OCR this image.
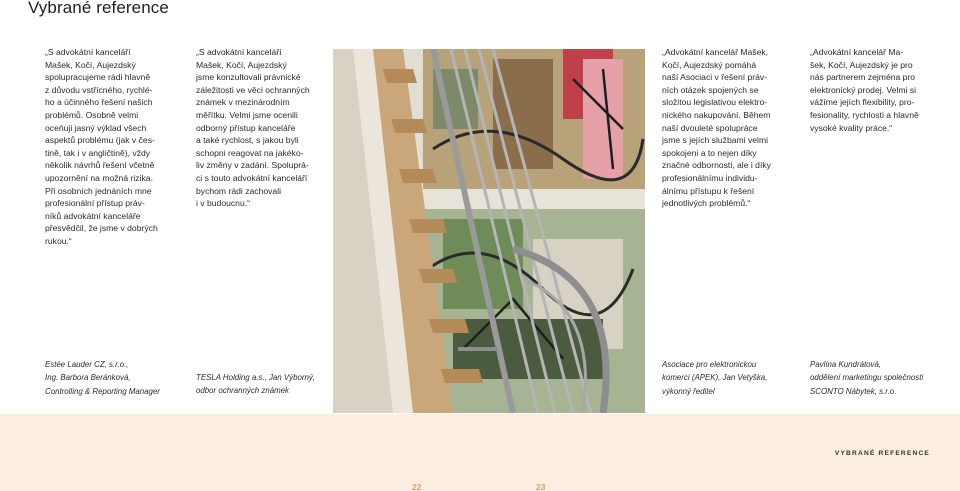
Vybrané reference
„S advokátní kanceláří
Mašek, Kočí, Aujezdský
spolupracujeme rádi hlavně
z důvodu vstřícného, rychlé-
ho a účinného řešení našich
problémů. Osobně velmi
oceňuji jasný výklad všech
aspektů problému (jak v čes-
tině, tak i v angličtině), vždy
několik návrhů řešení včetně
upozornění na možná rizika.
Při osobních jednáních mne
profesionální přístup práv-
níků advokátní kanceláře
přesvědčil, že jsme v dobrých
rukou.“
Estée Lauder CZ, s.r.o.,
Ing. Barbora Beránková,
Controlling & Reporting Manager
„S advokátní kanceláří
Mašek, Kočí, Aujezdský
jsme konzultovali právnické
záležitosti ve věci ochranných
známek v mezinárodním
měřítku. Velmi jsme ocenili
odborný přístup kanceláře
a také rychlost, s jakou byli
schopni reagovat na jakéko-
liv změny v zadání. Spoluprá-
ci s touto advokátní kanceláří
bychom rádi zachovali
i v budoucnu.“
TESLA Holding a.s., Jan Výborný,
odbor ochranných známek
„Advokátní kancelář Mašek,
Kočí, Aujezdský pomáhá
naší Asociaci v řešení práv-
ních otázek spojených se
složitou legislativou elektro-
nického nakupování. Během
naší dvouleté spolupráce
jsme s jejích službami velmi
spokojeni a to nejen díky
značné odbornosti, ale i díky
profesionálnímu individu-
álnímu přístupu k řešení
jednotlivých problémů.“
Asociace pro elektronickou
komerci (APEK), Jan Vetyška,
výkonný ředitel
„Advokátní kancelář Ma-
šek, Kočí, Aujezdský je pro
nás partnerem zejména pro
elektronický prodej. Velmi si
vážíme jejích flexibility, pro-
fesionality, rychlosti a hlavně
vysoké kvality práce.“
Pavlína Kundrátová,
oddělení marketingu společnosti
SCONTO Nábytek, s.r.o.
VYBRANÉ REFERENCE
22	23
